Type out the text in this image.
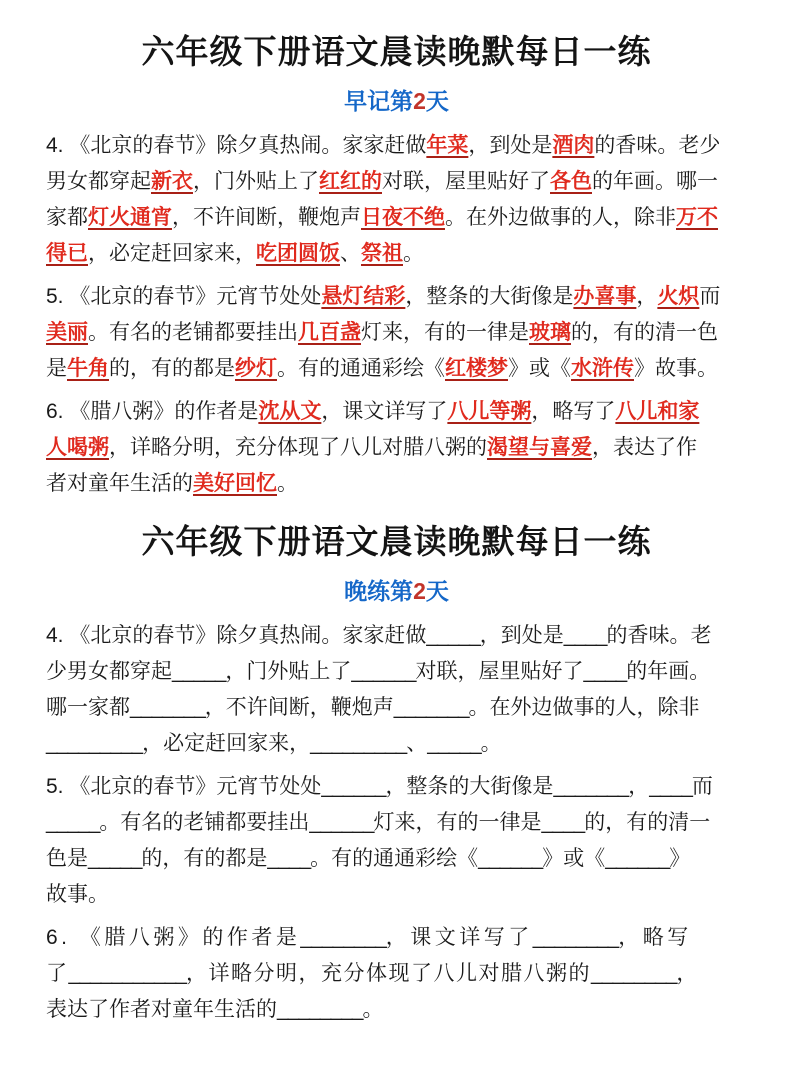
六年级下册语文晨读晚默每日一练
早记第2天
4. 《北京的春节》除夕真热闹。家家赶做年菜，到处是酒肉的香味。老少
男女都穿起新衣，门外贴上了红红的对联，屋里贴好了各色的年画。哪一
家都灯火通宵，不许间断，鞭炮声日夜不绝。在外边做事的人，除非万不
得已，必定赶回家来，吃团圆饭、祭祖。
5. 《北京的春节》元宵节处处悬灯结彩，整条的大街像是办喜事，火炽而
美丽。有名的老铺都要挂出几百盏灯来，有的一律是玻璃的，有的清一色
是牛角的，有的都是纱灯。有的通通彩绘《红楼梦》或《水浒传》故事。
6. 《腊八粥》的作者是沈从文，课文详写了八儿等粥，略写了八儿和家
人喝粥，详略分明，充分体现了八儿对腊八粥的渴望与喜爱，表达了作
者对童年生活的美好回忆。
六年级下册语文晨读晚默每日一练
晚练第2天
4. 《北京的春节》除夕真热闹。家家赶做_____，到处是____的香味。老
少男女都穿起_____，门外贴上了______对联，屋里贴好了____的年画。
哪一家都_______，不许间断，鞭炮声_______。在外边做事的人，除非
_________，必定赶回家来，_________、_____。
5. 《北京的春节》元宵节处处______，整条的大街像是_______，____而
_____。有名的老铺都要挂出______灯来，有的一律是____的，有的清一
色是_____的，有的都是____。有的通通彩绘《______》或《______》
故事。
6. 《腊八粥》的作者是________，课文详写了________，略写
了___________，详略分明，充分体现了八儿对腊八粥的________，
表达了作者对童年生活的________。
